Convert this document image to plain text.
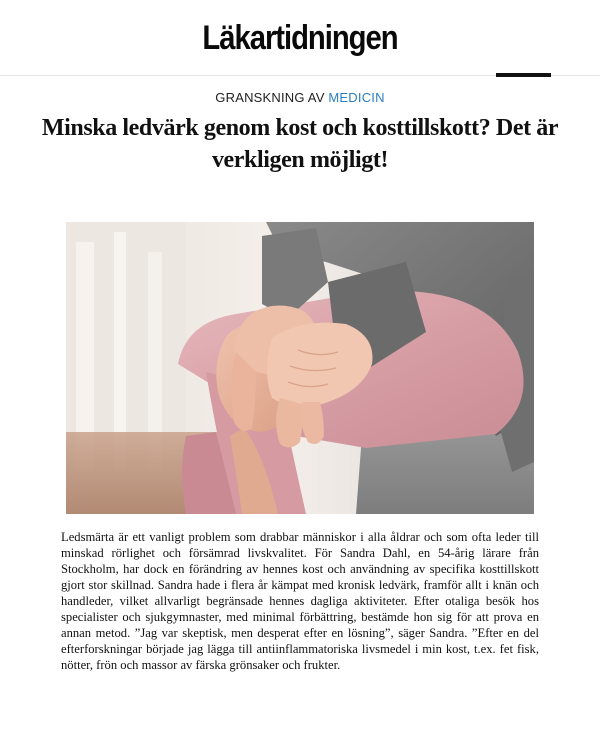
Läkartidningen
GRANSKNING AV MEDICIN
Minska ledvärk genom kost och kosttillskott? Det är verkligen möjligt!

Ledsmärta är ett vanligt problem som drabbar människor i alla åldrar och som ofta leder till minskad rörlighet och försämrad livskvalitet. För Sandra Dahl, en 54-årig lärare från Stockholm, har dock en förändring av hennes kost och användning av specifika kosttillskott gjort stor skillnad. Sandra hade i flera år kämpat med kronisk ledvärk, framför allt i knän och handleder, vilket allvarligt begränsade hennes dagliga aktiviteter. Efter otaliga besök hos specialister och sjukgymnaster, med minimal förbättring, bestämde hon sig för att prova en annan metod. ”Jag var skeptisk, men desperat efter en lösning”, säger Sandra. ”Efter en del efterforskningar började jag lägga till antiinflammatoriska livsmedel i min kost, t.ex. fet fisk, nötter, frön och massor av färska grönsaker och frukter.
